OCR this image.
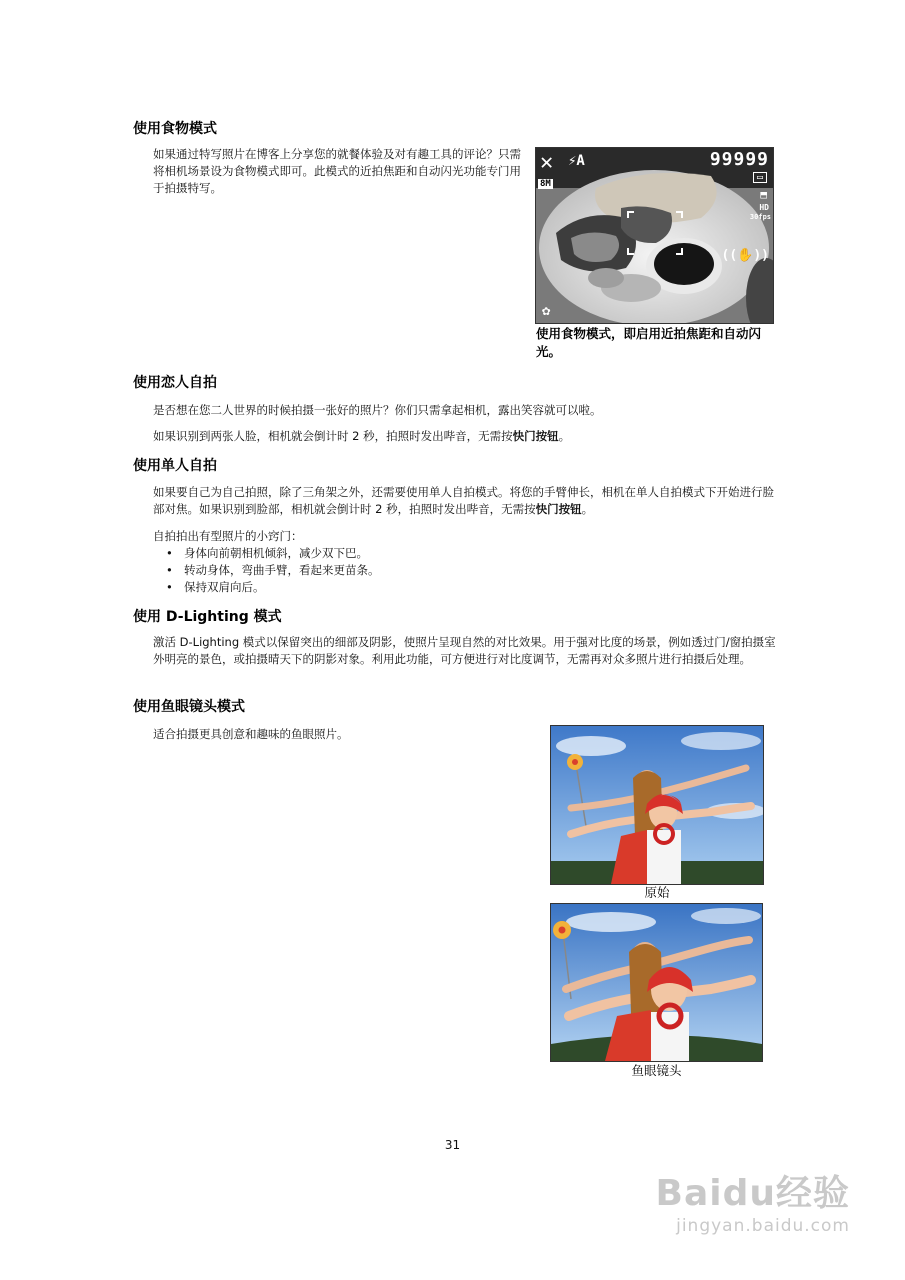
使用食物模式

如果通过特写照片在博客上分享您的就餐体验及对有趣工具的评论？只需将相机场景设为食物模式即可。此模式的近拍焦距和自动闪光功能专门用于拍摄特写。

✕ ⚡A	99999
8M
▭
⬒
HD
30fps
((✋))
✿
使用食物模式，即启用近拍焦距和自动闪光。
使用恋人自拍

是否想在您二人世界的时候拍摄一张好的照片？你们只需拿起相机，露出笑容就可以啦。

如果识别到两张人脸，相机就会倒计时 2 秒，拍照时发出哔音，无需按快门按钮。

使用单人自拍

如果要自己为自己拍照，除了三角架之外，还需要使用单人自拍模式。将您的手臂伸长，相机在单人自拍模式下开始进行脸部对焦。如果识别到脸部，相机就会倒计时 2 秒，拍照时发出哔音，无需按快门按钮。

自拍拍出有型照片的小窍门：

• 身体向前朝相机倾斜，减少双下巴。
• 转动身体，弯曲手臂，看起来更苗条。
• 保持双肩向后。
使用 D-Lighting 模式

激活 D-Lighting 模式以保留突出的细部及阴影，使照片呈现自然的对比效果。用于强对比度的场景，例如透过门/窗拍摄室外明亮的景色，或拍摄晴天下的阴影对象。利用此功能，可方便进行对比度调节，无需再对众多照片进行拍摄后处理。

使用鱼眼镜头模式

适合拍摄更具创意和趣味的鱼眼照片。

原始
鱼眼镜头
31
Baidu经验
jingyan.baidu.com
